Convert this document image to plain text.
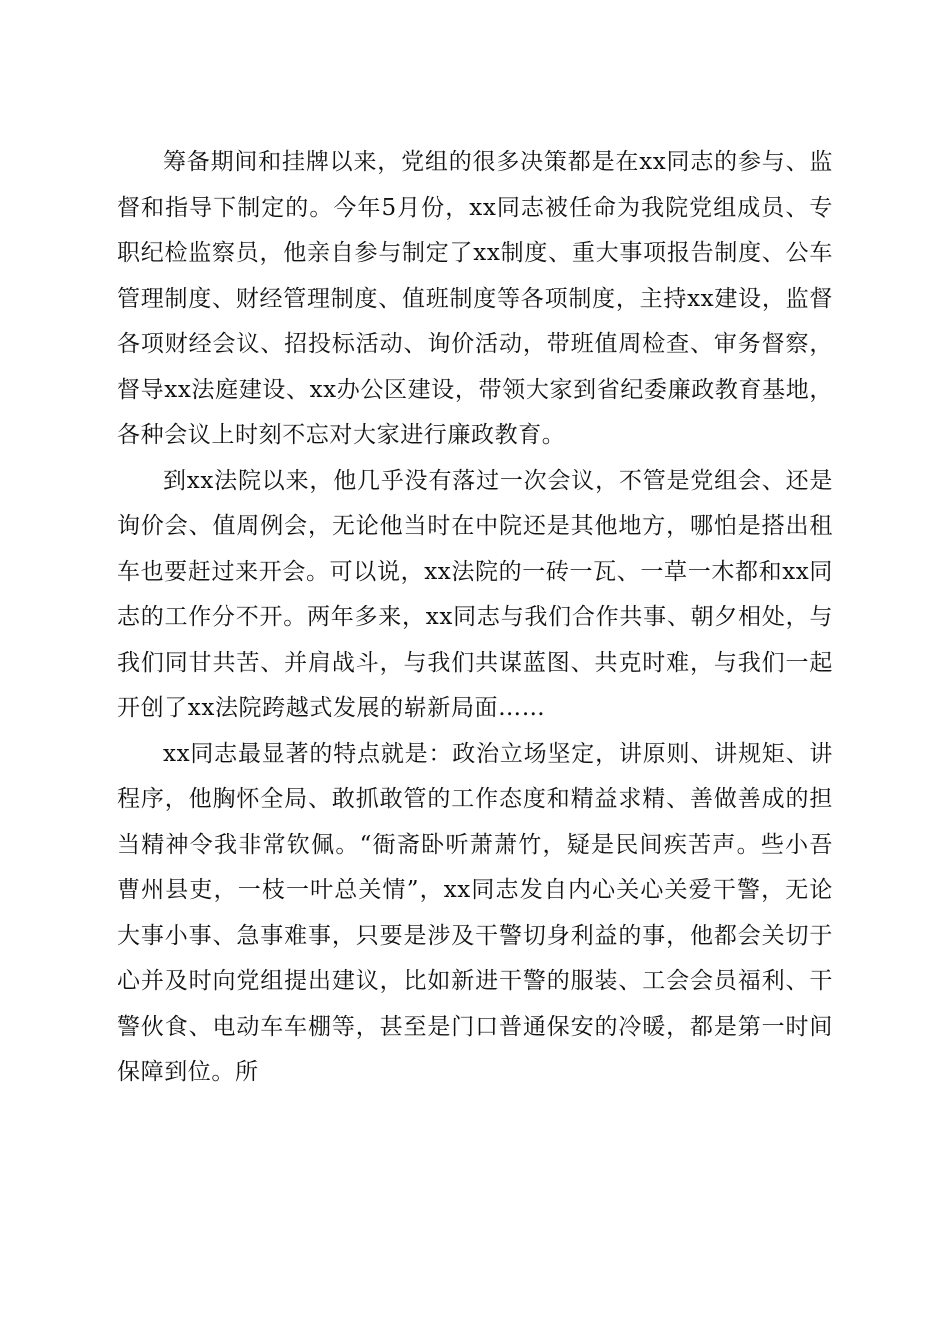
筹备期间和挂牌以来，党组的很多决策都是在xx同志的参与、监督和指导下制定的。今年5月份，xx同志被任命为我院党组成员、专职纪检监察员，他亲自参与制定了xx制度、重大事项报告制度、公车管理制度、财经管理制度、值班制度等各项制度，主持xx建设，监督各项财经会议、招投标活动、询价活动，带班值周检查、审务督察，督导xx法庭建设、xx办公区建设，带领大家到省纪委廉政教育基地，各种会议上时刻不忘对大家进行廉政教育。

到xx法院以来，他几乎没有落过一次会议，不管是党组会、还是询价会、值周例会，无论他当时在中院还是其他地方，哪怕是搭出租车也要赶过来开会。可以说，xx法院的一砖一瓦、一草一木都和xx同志的工作分不开。两年多来，xx同志与我们合作共事、朝夕相处，与我们同甘共苦、并肩战斗，与我们共谋蓝图、共克时难，与我们一起开创了xx法院跨越式发展的崭新局面……

xx同志最显著的特点就是：政治立场坚定，讲原则、讲规矩、讲程序，他胸怀全局、敢抓敢管的工作态度和精益求精、善做善成的担当精神令我非常钦佩。“衙斋卧听萧萧竹，疑是民间疾苦声。些小吾曹州县吏，一枝一叶总关情”，xx同志发自内心关心关爱干警，无论大事小事、急事难事，只要是涉及干警切身利益的事，他都会关切于心并及时向党组提出建议，比如新进干警的服装、工会会员福利、干警伙食、电动车车棚等，甚至是门口普通保安的冷暖，都是第一时间保障到位。所
